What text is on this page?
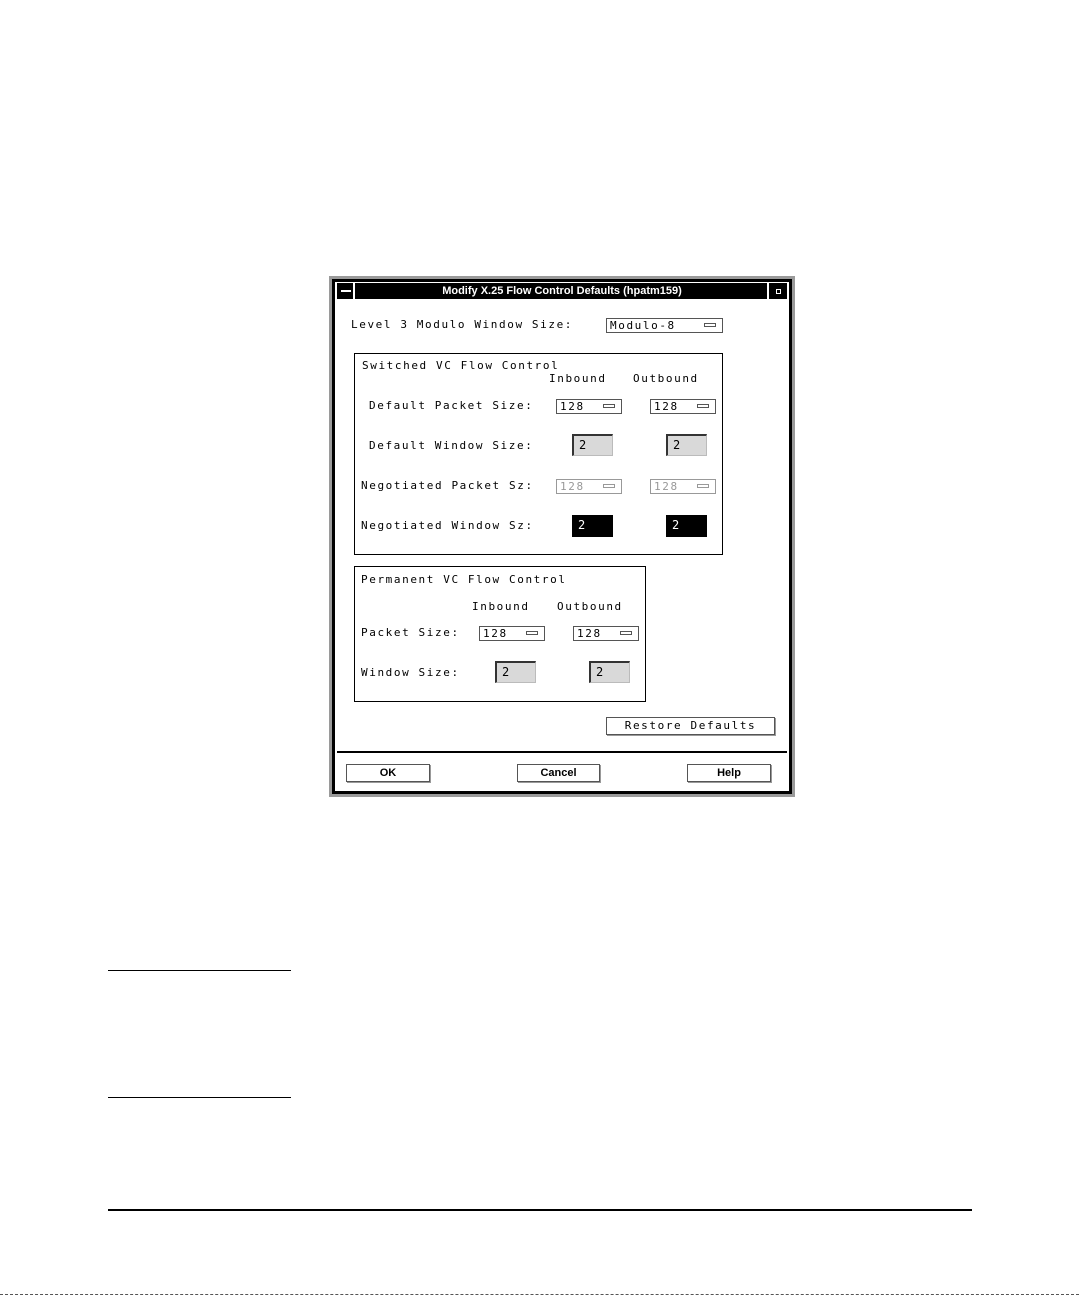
Modify X.25 Flow Control Defaults (hpatm159)
Level 3 Modulo Window Size:	Modulo-8
Switched VC Flow Control
Inbound Outbound
Default Packet Size:	128	128
Default Window Size:	2	2
Negotiated Packet Sz:	128	128
Negotiated Window Sz:	2	2
Permanent VC Flow Control
Inbound Outbound
Packet Size:	128	128
Window Size:	2	2
Restore Defaults
OK	Cancel	Help
